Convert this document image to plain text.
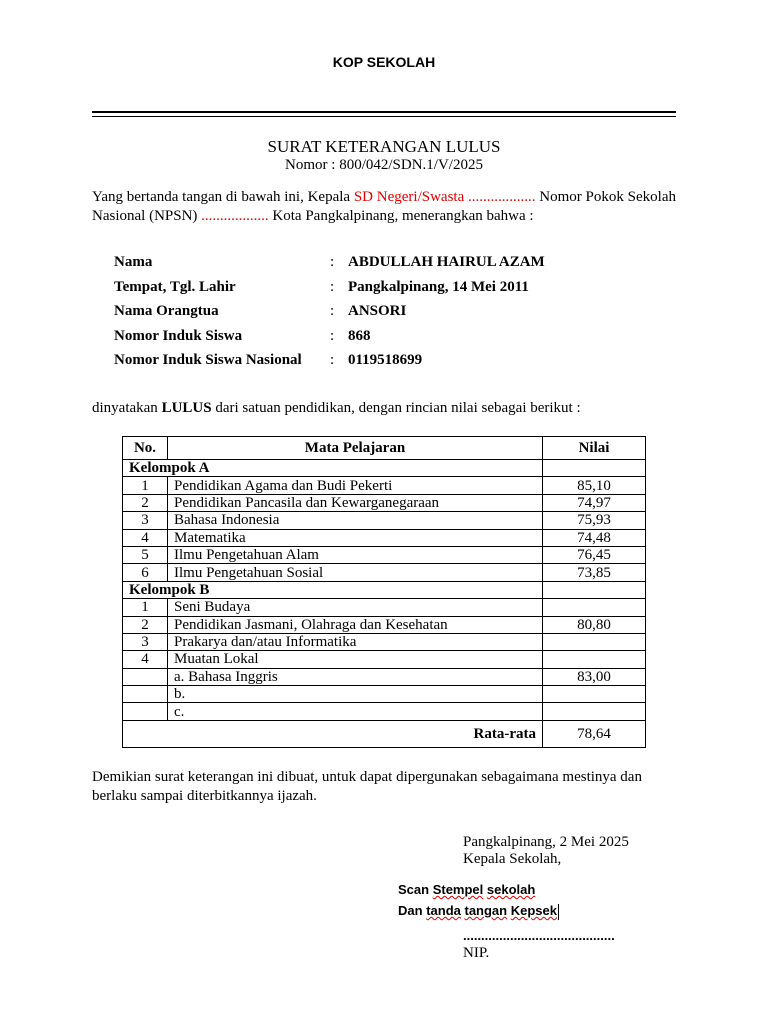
KOP SEKOLAH
SURAT KETERANGAN LULUS
Nomor : 800/042/SDN.1/V/2025
Yang bertanda tangan di bawah ini, Kepala SD Negeri/Swasta .................. Nomor Pokok Sekolah Nasional (NPSN) .................. Kota Pangkalpinang, menerangkan bahwa :
Nama	: ABDULLAH HAIRUL AZAM
Tempat, Tgl. Lahir	: Pangkalpinang, 14 Mei 2011
Nama Orangtua	: ANSORI
Nomor Induk Siswa	: 868
Nomor Induk Siswa Nasional : 0119518699
dinyatakan LULUS dari satuan pendidikan, dengan rincian nilai sebagai berikut :
No.	Mata Pelajaran	Nilai
Kelompok A		
1	Pendidikan Agama dan Budi Pekerti	85,10
2	Pendidikan Pancasila dan Kewarganegaraan	74,97
3	Bahasa Indonesia	75,93
4	Matematika	74,48
5	Ilmu Pengetahuan Alam	76,45
6	Ilmu Pengetahuan Sosial	73,85
Kelompok B		
1	Seni Budaya	
2	Pendidikan Jasmani, Olahraga dan Kesehatan	80,80
3	Prakarya dan/atau Informatika	
4	Muatan Lokal	
	a. Bahasa Inggris	83,00
	b.	
	c.	
Rata-rata		78,64
Demikian surat keterangan ini dibuat, untuk dapat dipergunakan sebagaimana mestinya dan berlaku sampai diterbitkannya ijazah.
Pangkalpinang, 2 Mei 2025
Kepala Sekolah,
Scan Stempel sekolah
Dan tanda tangan Kepsek
..........................................
NIP.
